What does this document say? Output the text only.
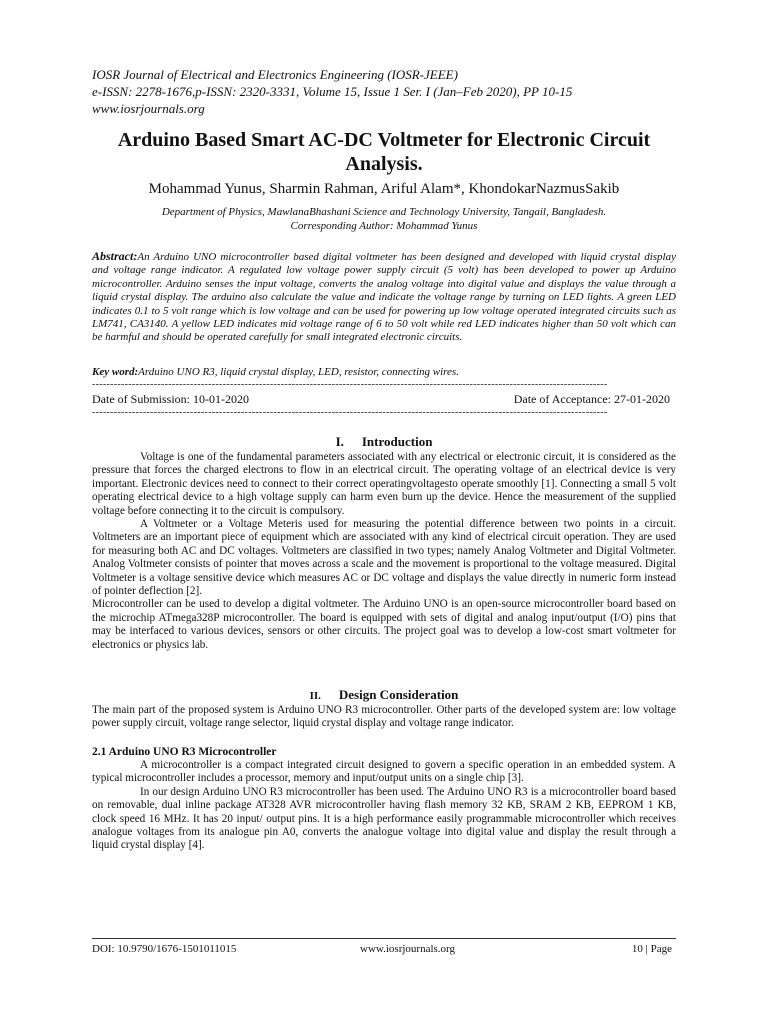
IOSR Journal of Electrical and Electronics Engineering (IOSR-JEEE)
e-ISSN: 2278-1676,p-ISSN: 2320-3331, Volume 15, Issue 1 Ser. I (Jan–Feb 2020), PP 10-15
www.iosrjournals.org
Arduino Based Smart AC-DC Voltmeter for Electronic Circuit Analysis.
Mohammad Yunus, Sharmin Rahman, Ariful Alam*, KhondokarNazmusSakib
Department of Physics, MawlanaBhashani Science and Technology University, Tangail, Bangladesh.
Corresponding Author: Mohammad Yunus
Abstract:An Arduino UNO microcontroller based digital voltmeter has been designed and developed with liquid crystal display and voltage range indicator. A regulated low voltage power supply circuit (5 volt) has been developed to power up Arduino microcontroller. Arduino senses the input voltage, converts the analog voltage into digital value and displays the value through a liquid crystal display. The arduino also calculate the value and indicate the voltage range by turning on LED lights. A green LED indicates 0.1 to 5 volt range which is low voltage and can be used for powering up low voltage operated integrated circuits such as LM741, CA3140. A yellow LED indicates mid voltage range of 6 to 50 volt while red LED indicates higher than 50 volt which can be harmful and should be operated carefully for small integrated electronic circuits.
Key word:Arduino UNO R3, liquid crystal display, LED, resistor, connecting wires.
----------------------------------------------------------------------------------------------------------------------------------------------
Date of Submission: 10-01-2020	Date of Acceptance: 27-01-2020
----------------------------------------------------------------------------------------------------------------------------------------------
I. Introduction

Voltage is one of the fundamental parameters associated with any electrical or electronic circuit, it is considered as the pressure that forces the charged electrons to flow in an electrical circuit. The operating voltage of an electrical device is very important. Electronic devices need to connect to their correct operatingvoltagesto operate smoothly [1]. Connecting a small 5 volt operating electrical device to a high voltage supply can harm even burn up the device. Hence the measurement of the supplied voltage before connecting it to the circuit is compulsory.

A Voltmeter or a Voltage Meteris used for measuring the potential difference between two points in a circuit. Voltmeters are an important piece of equipment which are associated with any kind of electrical circuit operation. They are used for measuring both AC and DC voltages. Voltmeters are classified in two types; namely Analog Voltmeter and Digital Voltmeter. Analog Voltmeter consists of pointer that moves across a scale and the movement is proportional to the voltage measured. Digital Voltmeter is a voltage sensitive device which measures AC or DC voltage and displays the value directly in numeric form instead of pointer deflection [2].

Microcontroller can be used to develop a digital voltmeter. The Arduino UNO is an open-source microcontroller board based on the microchip ATmega328P microcontroller. The board is equipped with sets of digital and analog input/output (I/O) pins that may be interfaced to various devices, sensors or other circuits. The project goal was to develop a low-cost smart voltmeter for electronics or physics lab.

II. Design Consideration

The main part of the proposed system is Arduino UNO R3 microcontroller. Other parts of the developed system are: low voltage power supply circuit, voltage range selector, liquid crystal display and voltage range indicator.

2.1 Arduino UNO R3 Microcontroller

A microcontroller is a compact integrated circuit designed to govern a specific operation in an embedded system. A typical microcontroller includes a processor, memory and input/output units on a single chip [3].

In our design Arduino UNO R3 microcontroller has been used. The Arduino UNO R3 is a microcontroller board based on removable, dual inline package AT328 AVR microcontroller having flash memory 32 KB, SRAM 2 KB, EEPROM 1 KB, clock speed 16 MHz. It has 20 input/ output pins. It is a high performance easily programmable microcontroller which receives analogue voltages from its analogue pin A0, converts the analogue voltage into digital value and display the result through a liquid crystal display [4].

DOI: 10.9790/1676-1501011015	www.iosrjournals.org	10 | Page
